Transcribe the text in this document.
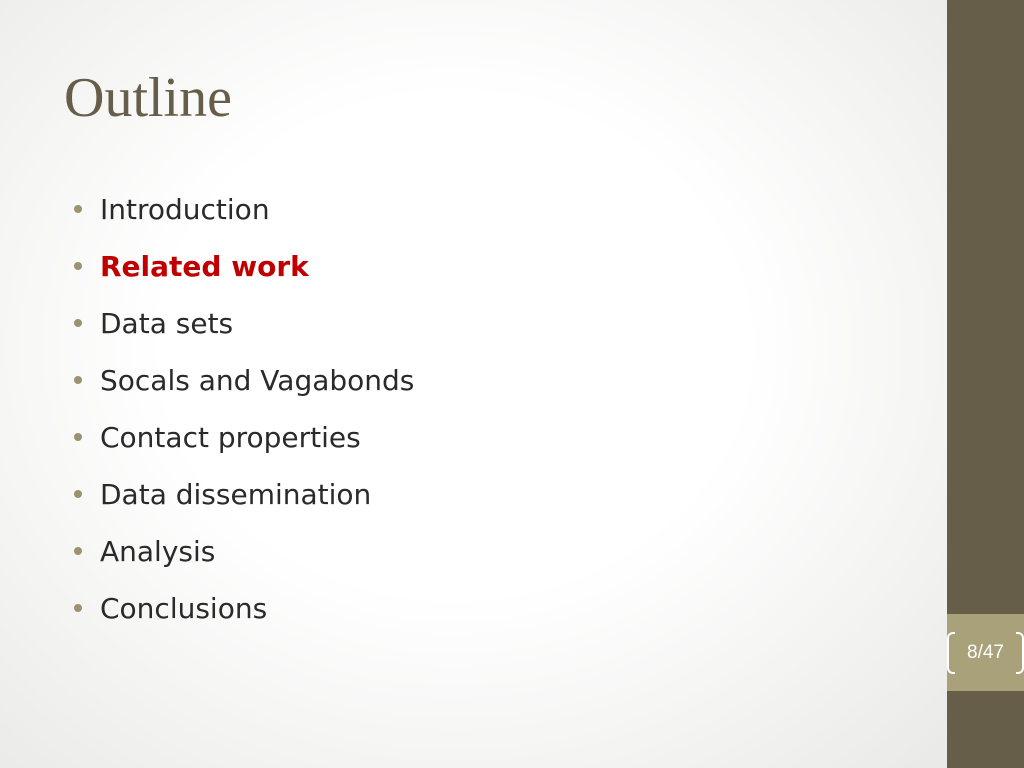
Outline
Introduction
Related work
Data sets
Socals and Vagabonds
Contact properties
Data dissemination
Analysis
Conclusions
8/47
